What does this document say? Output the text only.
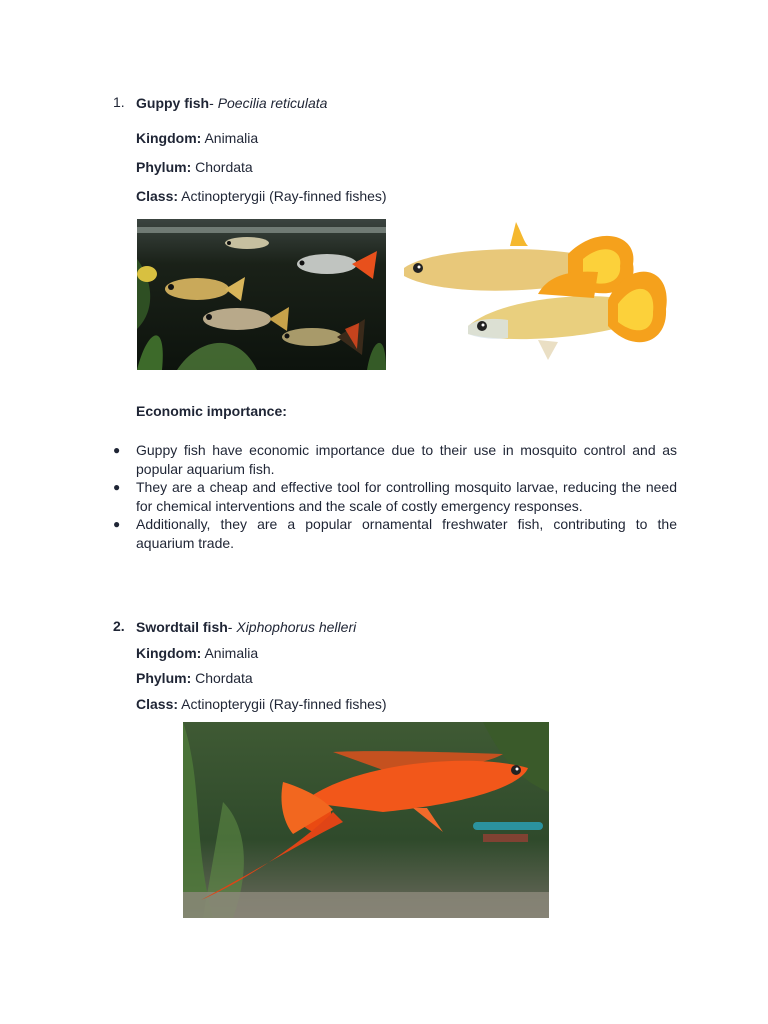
1. Guppy fish- Poecilia reticulata
Kingdom: Animalia
Phylum: Chordata
Class: Actinopterygii (Ray-finned fishes)
Economic importance:
● Guppy fish have economic importance due to their use in mosquito control and as popular aquarium fish.
● They are a cheap and effective tool for controlling mosquito larvae, reducing the need for chemical interventions and the scale of costly emergency responses.
● Additionally, they are a popular ornamental freshwater fish, contributing to the aquarium trade.
2. Swordtail fish- Xiphophorus helleri
Kingdom: Animalia
Phylum: Chordata
Class: Actinopterygii (Ray-finned fishes)
